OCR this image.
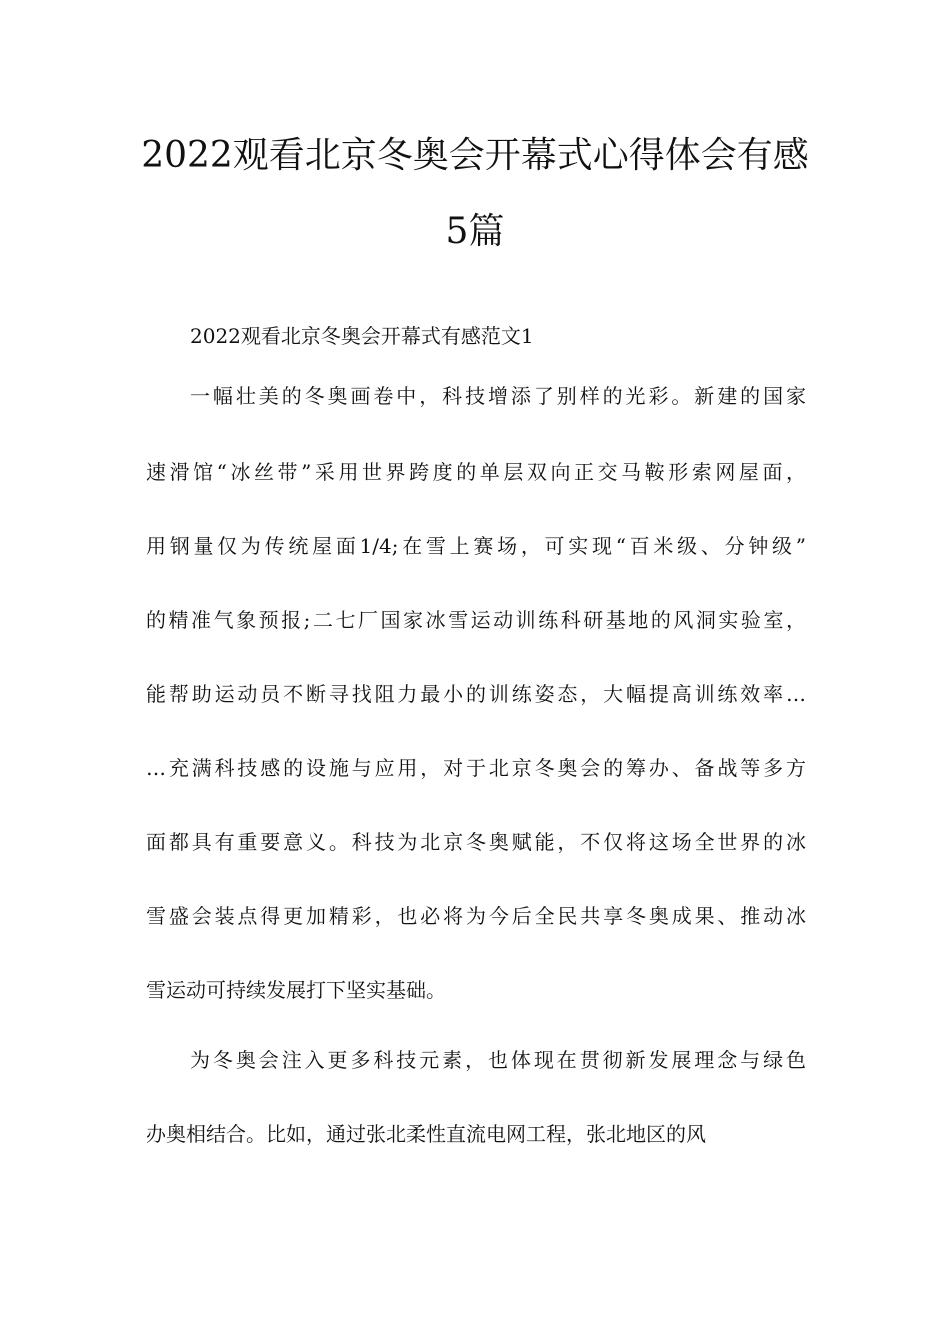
2022观看北京冬奥会开幕式心得体会有感
5篇

2022观看北京冬奥会开幕式有感范文1

一幅壮美的冬奥画卷中，科技增添了别样的光彩。新建的国家

速滑馆“冰丝带”采用世界跨度的单层双向正交马鞍形索网屋面，

用钢量仅为传统屋面1/4;在雪上赛场，可实现“百米级、分钟级”

的精准气象预报;二七厂国家冰雪运动训练科研基地的风洞实验室，

能帮助运动员不断寻找阻力最小的训练姿态，大幅提高训练效率…

…充满科技感的设施与应用，对于北京冬奥会的筹办、备战等多方

面都具有重要意义。科技为北京冬奥赋能，不仅将这场全世界的冰

雪盛会装点得更加精彩，也必将为今后全民共享冬奥成果、推动冰

雪运动可持续发展打下坚实基础。

为冬奥会注入更多科技元素，也体现在贯彻新发展理念与绿色

办奥相结合。比如，通过张北柔性直流电网工程，张北地区的风
